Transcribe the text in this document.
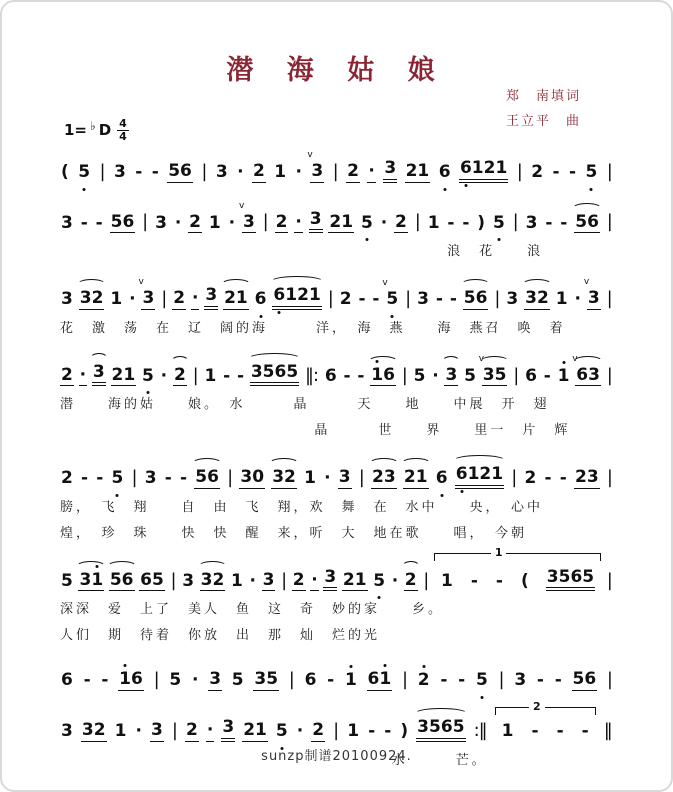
潜 海 姑 娘
1= ♭ D $\frac{4}{4}$
郑　南填词
王立平　曲
( 5 | 3 - - 56 | 3 · 2 1 · 3
v
| 2 · 3 21 6 6
121 | 2 - - 5 |
3 - - 56 | 3 · 2 1 · 3
v
| 2 · 3 21 5 · 2 | 1 - - ) 5 | 3 - - 56 |
浪　花　　浪
3 32 1 · 3
v
| 2 · 3 21 6 6
121 | 2 - - 5
v
| 3 - - 56 | 3 32 1 · 3
v
|
花　激　荡　在　辽　阔的海　　　洋，　海　燕　　海　燕召　唤　着
2 · 3 21 5 · 2 | 1 - - 3565 ‖: 6 - - 1
6 | 5 · 3 5 35
v
| 6 - 1 63
v
|
潜　　海的姑　　娘。　水　　　晶　　　天　　地　　中展　开　翅
晶　　　世　　界　　里一　片　辉
2 - - 5 | 3 - - 56 | 30 32 1 · 3 | 23 21 6 6
121 | 2 - - 23 |
膀，　飞　翔　　自　由　飞　翔，欢　舞　在　水中　　央，　心中
煌，　珍　珠　　快　快　醒　来，听　大　地在歌　　唱，　今朝
5 31 56 65 | 3 32 1 · 3 | 2 · 3 21 5 · 2 |
1
1 - - ( 3565 |
深深　爱　上了　美人　鱼　这　奇　妙的家　　乡。
人们　期　待着　你放　出　那　灿　烂的光
6 - - 1
6 | 5 · 3 5 35 | 6 - 1 61 | 2 - - 5 | 3 - - 56 |
3 32 1 · 3 | 2 · 3 21 5 · 2 | 1 - - ) 3565 :‖
2
1 - - - ‖
水　　　芒。
sunzp制谱20100924.
